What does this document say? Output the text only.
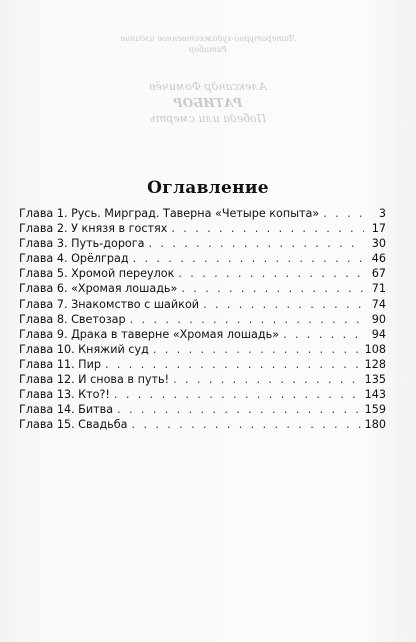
Литературно-художественное издание
Ратибор
Александр Фомичёв
РАТИБОР
Победа или смерть
Оглавление
Глава 1. Русь. Миргрaд. Таверна «Четыре копыта» . . .	3
Глава 2. У князя в гостях . . .	17
Глава 3. Путь-дорога . . .	30
Глава 4. Орёлград . . .	46
Глава 5. Хромой переулок . . .	67
Глава 6. «Хромая лошадь» . . .	71
Глава 7. Знакомство с шайкой . . .	74
Глава 8. Светозар . . .	90
Глава 9. Драка в таверне «Хромая лошадь» . . .	94
Глава 10. Княжий суд . . .	108
Глава 11. Пир . . .	128
Глава 12. И снова в путь! . . .	135
Глава 13. Кто?! . . .	143
Глава 14. Битва . . .	159
Глава 15. Свадьба . . .	180
